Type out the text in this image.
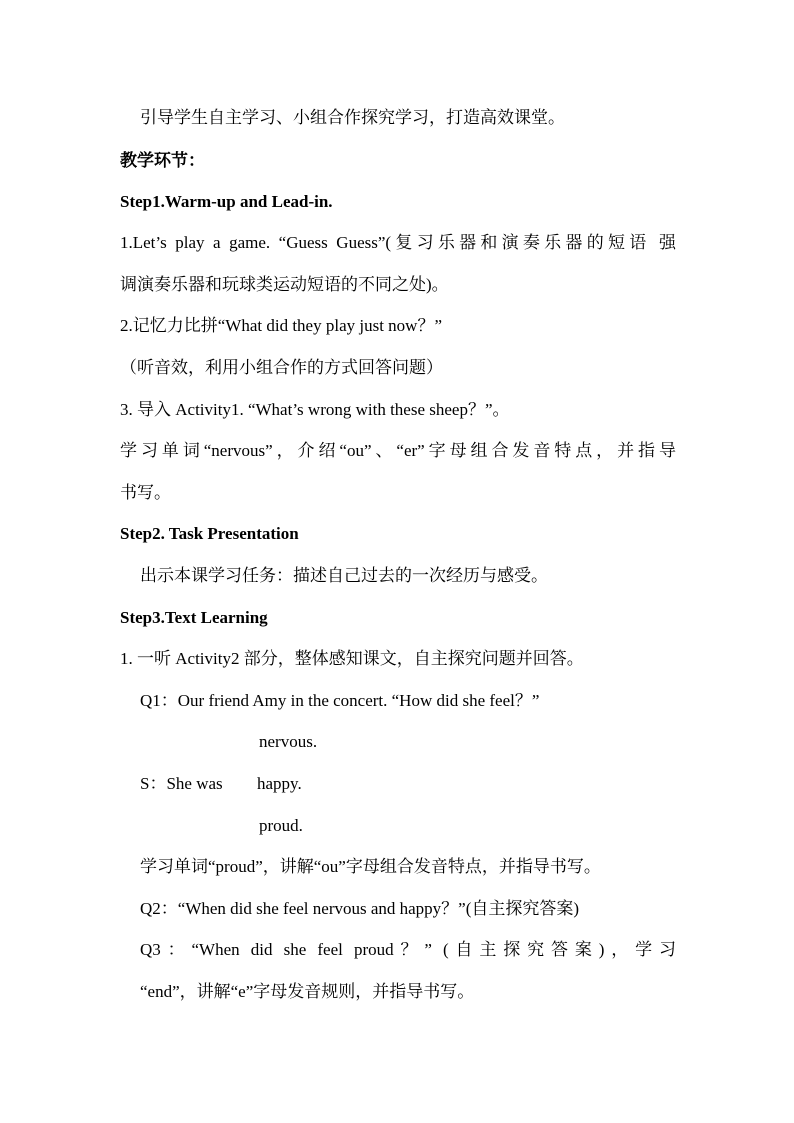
引导学生自主学习、小组合作探究学习，打造高效课堂。
教学环节：
Step1.Warm-up and Lead-in.
1.Let’s play a game. “Guess Guess”(复习乐器和演奏乐器的短语 强
调演奏乐器和玩球类运动短语的不同之处)。
2.记忆力比拼“What did they play just now？”
（听音效，利用小组合作的方式回答问题）
3. 导入 Activity1. “What’s wrong with these sheep？”。
学习单词“nervous”，介绍“ou”、“er”字母组合发音特点，并指导
书写。
Step2. Task Presentation
出示本课学习任务：描述自己过去的一次经历与感受。
Step3.Text Learning
1. 一听 Activity2 部分，整体感知课文，自主探究问题并回答。
Q1：Our friend Amy in the concert. “How did she feel？”
nervous.
S：She was happy.
proud.
学习单词“proud”，讲解“ou”字母组合发音特点，并指导书写。
Q2：“When did she feel nervous and happy？”(自主探究答案)
Q3：“When did she feel proud？” (自主探究答案)，学习
“end”，讲解“e”字母发音规则，并指导书写。
